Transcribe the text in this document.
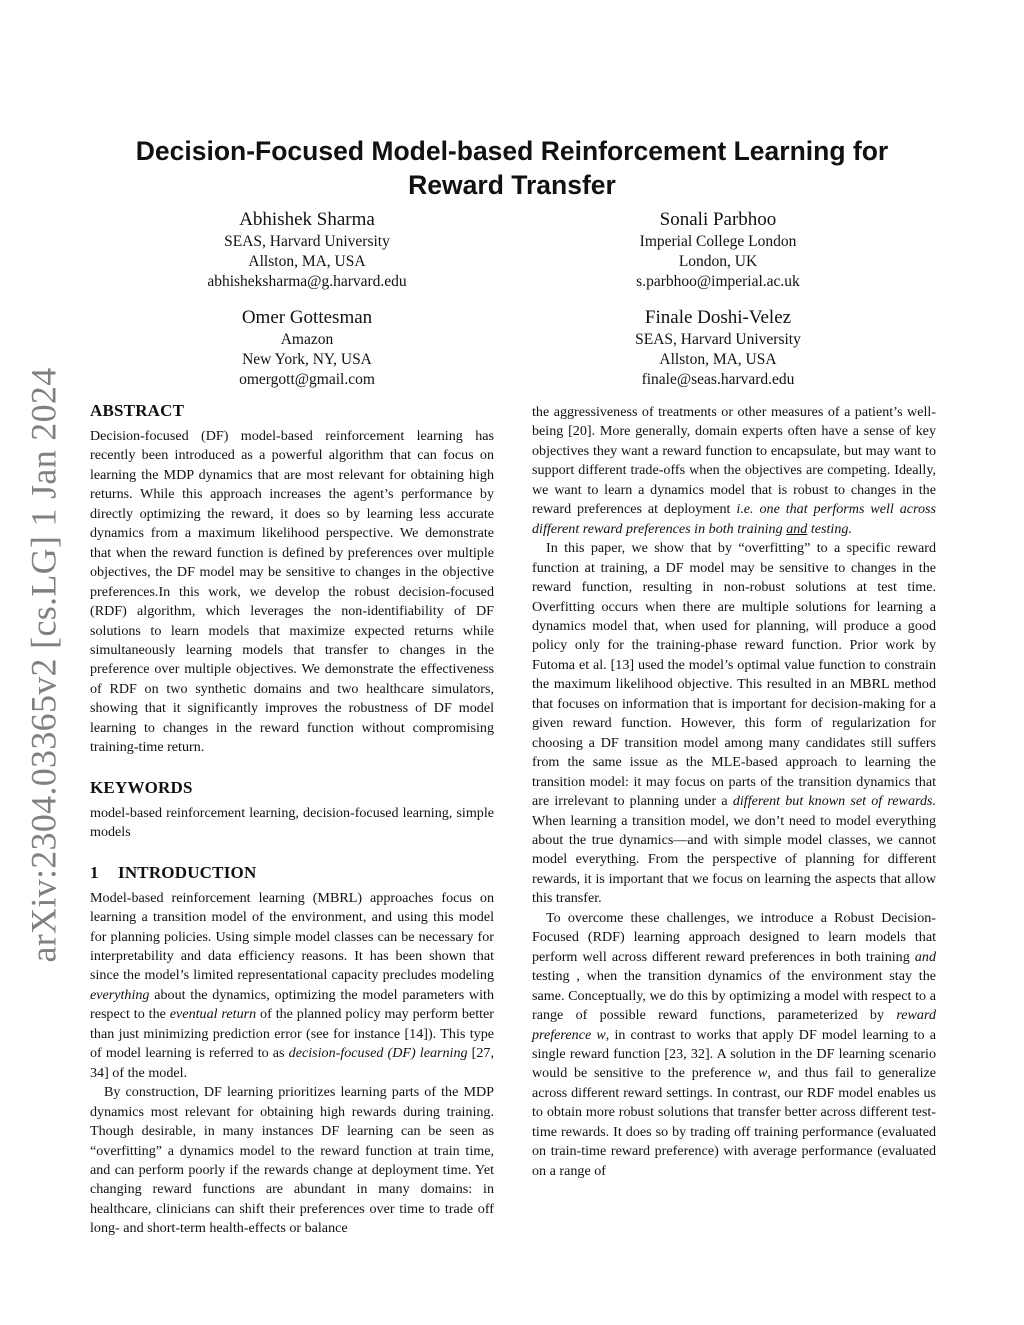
arXiv:2304.03365v2 [cs.LG] 1 Jan 2024
Decision-Focused Model-based Reinforcement Learning for Reward Transfer
Abhishek Sharma
SEAS, Harvard University
Allston, MA, USA
abhisheksharma@g.harvard.edu
Sonali Parbhoo
Imperial College London
London, UK
s.parbhoo@imperial.ac.uk
Omer Gottesman
Amazon
New York, NY, USA
omergott@gmail.com
Finale Doshi-Velez
SEAS, Harvard University
Allston, MA, USA
finale@seas.harvard.edu
ABSTRACT

Decision-focused (DF) model-based reinforcement learning has recently been introduced as a powerful algorithm that can focus on learning the MDP dynamics that are most relevant for obtaining high returns. While this approach increases the agent’s performance by directly optimizing the reward, it does so by learning less accurate dynamics from a maximum likelihood perspective. We demonstrate that when the reward function is defined by preferences over multiple objectives, the DF model may be sensitive to changes in the objective preferences.In this work, we develop the robust decision-focused (RDF) algorithm, which leverages the non-identifiability of DF solutions to learn models that maximize expected returns while simultaneously learning models that transfer to changes in the preference over multiple objectives. We demonstrate the effectiveness of RDF on two synthetic domains and two healthcare simulators, showing that it significantly improves the robustness of DF model learning to changes in the reward function without compromising training-time return.

KEYWORDS

model-based reinforcement learning, decision-focused learning, simple models

1 INTRODUCTION

Model-based reinforcement learning (MBRL) approaches focus on learning a transition model of the environment, and using this model for planning policies. Using simple model classes can be necessary for interpretability and data efficiency reasons. It has been shown that since the model’s limited representational capacity precludes modeling everything about the dynamics, optimizing the model parameters with respect to the eventual return of the planned policy may perform better than just minimizing prediction error (see for instance [14]). This type of model learning is referred to as decision-focused (DF) learning [27, 34] of the model.

By construction, DF learning prioritizes learning parts of the MDP dynamics most relevant for obtaining high rewards during training. Though desirable, in many instances DF learning can be seen as “overfitting” a dynamics model to the reward function at train time, and can perform poorly if the rewards change at deployment time. Yet changing reward functions are abundant in many domains: in healthcare, clinicians can shift their preferences over time to trade off long- and short-term health-effects or balance

the aggressiveness of treatments or other measures of a patient’s well-being [20]. More generally, domain experts often have a sense of key objectives they want a reward function to encapsulate, but may want to support different trade-offs when the objectives are competing. Ideally, we want to learn a dynamics model that is robust to changes in the reward preferences at deployment i.e. one that performs well across different reward preferences in both training and testing.

In this paper, we show that by “overfitting” to a specific reward function at training, a DF model may be sensitive to changes in the reward function, resulting in non-robust solutions at test time. Overfitting occurs when there are multiple solutions for learning a dynamics model that, when used for planning, will produce a good policy only for the training-phase reward function. Prior work by Futoma et al. [13] used the model’s optimal value function to constrain the maximum likelihood objective. This resulted in an MBRL method that focuses on information that is important for decision-making for a given reward function. However, this form of regularization for choosing a DF transition model among many candidates still suffers from the same issue as the MLE-based approach to learning the transition model: it may focus on parts of the transition dynamics that are irrelevant to planning under a different but known set of rewards. When learning a transition model, we don’t need to model everything about the true dynamics—and with simple model classes, we cannot model everything. From the perspective of planning for different rewards, it is important that we focus on learning the aspects that allow this transfer.

To overcome these challenges, we introduce a Robust Decision-Focused (RDF) learning approach designed to learn models that perform well across different reward preferences in both training and testing , when the transition dynamics of the environment stay the same. Conceptually, we do this by optimizing a model with respect to a range of possible reward functions, parameterized by reward preference w, in contrast to works that apply DF model learning to a single reward function [23, 32]. A solution in the DF learning scenario would be sensitive to the preference w, and thus fail to generalize across different reward settings. In contrast, our RDF model enables us to obtain more robust solutions that transfer better across different test-time rewards. It does so by trading off training performance (evaluated on train-time reward preference) with average performance (evaluated on a range of
